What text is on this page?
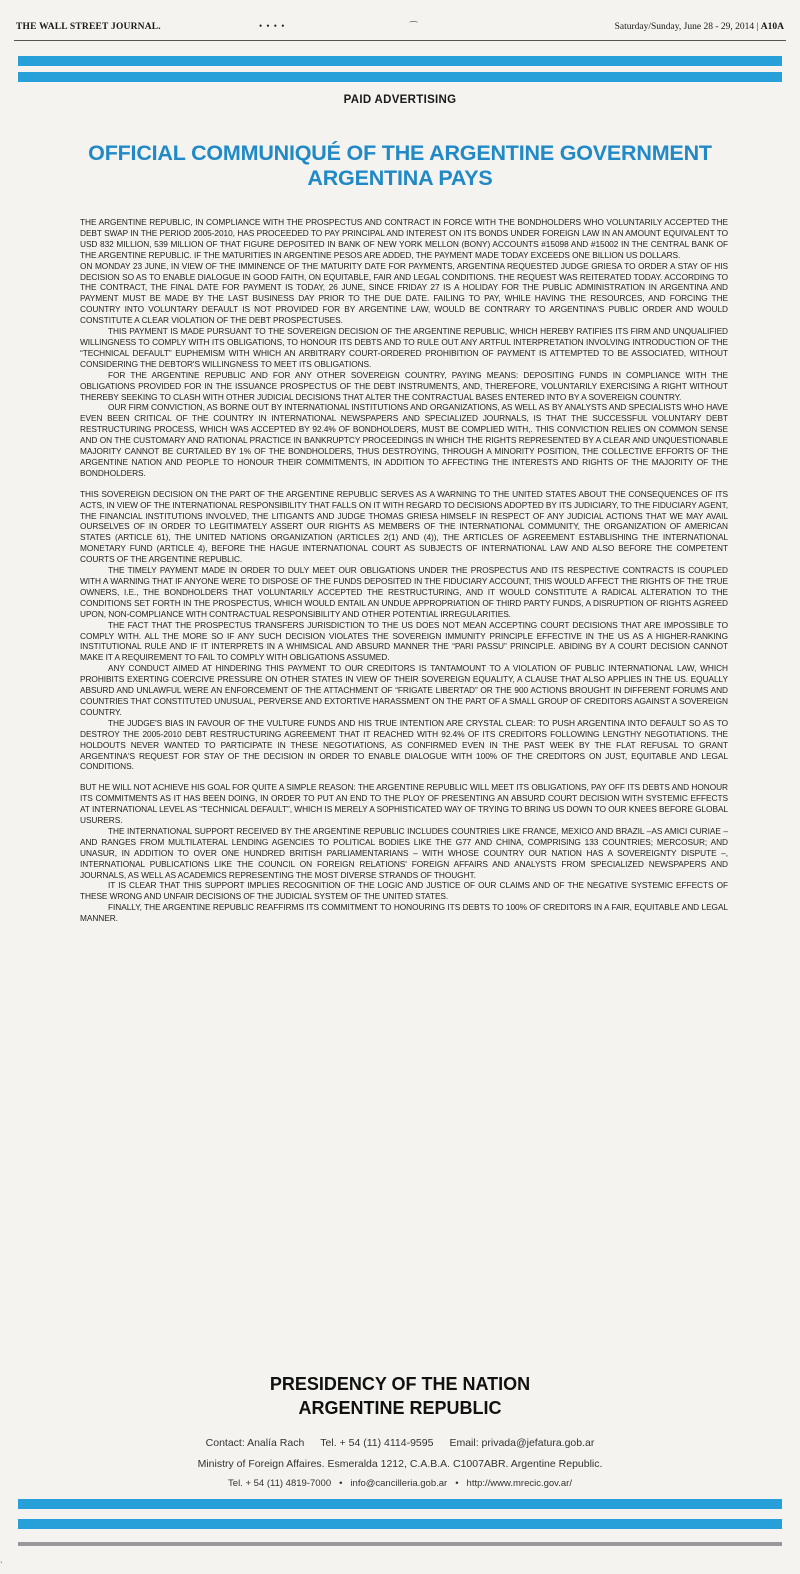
THE WALL STREET JOURNAL.	• • • •	⁀	Saturday/Sunday, June 28 - 29, 2014 | A10A
PAID ADVERTISING
OFFICIAL COMMUNIQUÉ OF THE ARGENTINE GOVERNMENT
ARGENTINA PAYS

THE ARGENTINE REPUBLIC, IN COMPLIANCE WITH THE PROSPECTUS AND CONTRACT IN FORCE WITH THE BONDHOLDERS WHO VOLUNTARILY ACCEPTED THE DEBT SWAP IN THE PERIOD 2005-2010, HAS PROCEEDED TO PAY PRINCIPAL AND INTEREST ON ITS BONDS UNDER FOREIGN LAW IN AN AMOUNT EQUIVALENT TO USD 832 MILLION, 539 MILLION OF THAT FIGURE DEPOSITED IN BANK OF NEW YORK MELLON (BONY) ACCOUNTS #15098 AND #15002 IN THE CENTRAL BANK OF THE ARGENTINE REPUBLIC. IF THE MATURITIES IN ARGENTINE PESOS ARE ADDED, THE PAYMENT MADE TODAY EXCEEDS ONE BILLION US DOLLARS.

ON MONDAY 23 JUNE, IN VIEW OF THE IMMINENCE OF THE MATURITY DATE FOR PAYMENTS, ARGENTINA REQUESTED JUDGE GRIESA TO ORDER A STAY OF HIS DECISION SO AS TO ENABLE DIALOGUE IN GOOD FAITH, ON EQUITABLE, FAIR AND LEGAL CONDITIONS. THE REQUEST WAS REITERATED TODAY. ACCORDING TO THE CONTRACT, THE FINAL DATE FOR PAYMENT IS TODAY, 26 JUNE, SINCE FRIDAY 27 IS A HOLIDAY FOR THE PUBLIC ADMINISTRATION IN ARGENTINA AND PAYMENT MUST BE MADE BY THE LAST BUSINESS DAY PRIOR TO THE DUE DATE. FAILING TO PAY, WHILE HAVING THE RESOURCES, AND FORCING THE COUNTRY INTO VOLUNTARY DEFAULT IS NOT PROVIDED FOR BY ARGENTINE LAW, WOULD BE CONTRARY TO ARGENTINA'S PUBLIC ORDER AND WOULD CONSTITUTE A CLEAR VIOLATION OF THE DEBT PROSPECTUSES.

THIS PAYMENT IS MADE PURSUANT TO THE SOVEREIGN DECISION OF THE ARGENTINE REPUBLIC, WHICH HEREBY RATIFIES ITS FIRM AND UNQUALIFIED WILLINGNESS TO COMPLY WITH ITS OBLIGATIONS, TO HONOUR ITS DEBTS AND TO RULE OUT ANY ARTFUL INTERPRETATION INVOLVING INTRODUCTION OF THE “TECHNICAL DEFAULT” EUPHEMISM WITH WHICH AN ARBITRARY COURT-ORDERED PROHIBITION OF PAYMENT IS ATTEMPTED TO BE ASSOCIATED, WITHOUT CONSIDERING THE DEBTOR'S WILLINGNESS TO MEET ITS OBLIGATIONS.

FOR THE ARGENTINE REPUBLIC AND FOR ANY OTHER SOVEREIGN COUNTRY, PAYING MEANS: DEPOSITING FUNDS IN COMPLIANCE WITH THE OBLIGATIONS PROVIDED FOR IN THE ISSUANCE PROSPECTUS OF THE DEBT INSTRUMENTS, AND, THEREFORE, VOLUNTARILY EXERCISING A RIGHT WITHOUT THEREBY SEEKING TO CLASH WITH OTHER JUDICIAL DECISIONS THAT ALTER THE CONTRACTUAL BASES ENTERED INTO BY A SOVEREIGN COUNTRY.

OUR FIRM CONVICTION, AS BORNE OUT BY INTERNATIONAL INSTITUTIONS AND ORGANIZATIONS, AS WELL AS BY ANALYSTS AND SPECIALISTS WHO HAVE EVEN BEEN CRITICAL OF THE COUNTRY IN INTERNATIONAL NEWSPAPERS AND SPECIALIZED JOURNALS, IS THAT THE SUCCESSFUL VOLUNTARY DEBT RESTRUCTURING PROCESS, WHICH WAS ACCEPTED BY 92.4% OF BONDHOLDERS, MUST BE COMPLIED WITH,. THIS CONVICTION RELIES ON COMMON SENSE AND ON THE CUSTOMARY AND RATIONAL PRACTICE IN BANKRUPTCY PROCEEDINGS IN WHICH THE RIGHTS REPRESENTED BY A CLEAR AND UNQUESTIONABLE MAJORITY CANNOT BE CURTAILED BY 1% OF THE BONDHOLDERS, THUS DESTROYING, THROUGH A MINORITY POSITION, THE COLLECTIVE EFFORTS OF THE ARGENTINE NATION AND PEOPLE TO HONOUR THEIR COMMITMENTS, IN ADDITION TO AFFECTING THE INTERESTS AND RIGHTS OF THE MAJORITY OF THE BONDHOLDERS.

THIS SOVEREIGN DECISION ON THE PART OF THE ARGENTINE REPUBLIC SERVES AS A WARNING TO THE UNITED STATES ABOUT THE CONSEQUENCES OF ITS ACTS, IN VIEW OF THE INTERNATIONAL RESPONSIBILITY THAT FALLS ON IT WITH REGARD TO DECISIONS ADOPTED BY ITS JUDICIARY, TO THE FIDUCIARY AGENT, THE FINANCIAL INSTITUTIONS INVOLVED, THE LITIGANTS AND JUDGE THOMAS GRIESA HIMSELF IN RESPECT OF ANY JUDICIAL ACTIONS THAT WE MAY AVAIL OURSELVES OF IN ORDER TO LEGITIMATELY ASSERT OUR RIGHTS AS MEMBERS OF THE INTERNATIONAL COMMUNITY, THE ORGANIZATION OF AMERICAN STATES (ARTICLE 61), THE UNITED NATIONS ORGANIZATION (ARTICLES 2(1) AND (4)), THE ARTICLES OF AGREEMENT ESTABLISHING THE INTERNATIONAL MONETARY FUND (ARTICLE 4), BEFORE THE HAGUE INTERNATIONAL COURT AS SUBJECTS OF INTERNATIONAL LAW AND ALSO BEFORE THE COMPETENT COURTS OF THE ARGENTINE REPUBLIC.

THE TIMELY PAYMENT MADE IN ORDER TO DULY MEET OUR OBLIGATIONS UNDER THE PROSPECTUS AND ITS RESPECTIVE CONTRACTS IS COUPLED WITH A WARNING THAT IF ANYONE WERE TO DISPOSE OF THE FUNDS DEPOSITED IN THE FIDUCIARY ACCOUNT, THIS WOULD AFFECT THE RIGHTS OF THE TRUE OWNERS, I.E., THE BONDHOLDERS THAT VOLUNTARILY ACCEPTED THE RESTRUCTURING, AND IT WOULD CONSTITUTE A RADICAL ALTERATION TO THE CONDITIONS SET FORTH IN THE PROSPECTUS, WHICH WOULD ENTAIL AN UNDUE APPROPRIATION OF THIRD PARTY FUNDS, A DISRUPTION OF RIGHTS AGREED UPON, NON-COMPLIANCE WITH CONTRACTUAL RESPONSIBILITY AND OTHER POTENTIAL IRREGULARITIES.

THE FACT THAT THE PROSPECTUS TRANSFERS JURISDICTION TO THE US DOES NOT MEAN ACCEPTING COURT DECISIONS THAT ARE IMPOSSIBLE TO COMPLY WITH. ALL THE MORE SO IF ANY SUCH DECISION VIOLATES THE SOVEREIGN IMMUNITY PRINCIPLE EFFECTIVE IN THE US AS A HIGHER-RANKING INSTITUTIONAL RULE AND IF IT INTERPRETS IN A WHIMSICAL AND ABSURD MANNER THE “PARI PASSU” PRINCIPLE. ABIDING BY A COURT DECISION CANNOT MAKE IT A REQUIREMENT TO FAIL TO COMPLY WITH OBLIGATIONS ASSUMED.

ANY CONDUCT AIMED AT HINDERING THIS PAYMENT TO OUR CREDITORS IS TANTAMOUNT TO A VIOLATION OF PUBLIC INTERNATIONAL LAW, WHICH PROHIBITS EXERTING COERCIVE PRESSURE ON OTHER STATES IN VIEW OF THEIR SOVEREIGN EQUALITY, A CLAUSE THAT ALSO APPLIES IN THE US. EQUALLY ABSURD AND UNLAWFUL WERE AN ENFORCEMENT OF THE ATTACHMENT OF “FRIGATE LIBERTAD” OR THE 900 ACTIONS BROUGHT IN DIFFERENT FORUMS AND COUNTRIES THAT CONSTITUTED UNUSUAL, PERVERSE AND EXTORTIVE HARASSMENT ON THE PART OF A SMALL GROUP OF CREDITORS AGAINST A SOVEREIGN COUNTRY.

THE JUDGE'S BIAS IN FAVOUR OF THE VULTURE FUNDS AND HIS TRUE INTENTION ARE CRYSTAL CLEAR: TO PUSH ARGENTINA INTO DEFAULT SO AS TO DESTROY THE 2005-2010 DEBT RESTRUCTURING AGREEMENT THAT IT REACHED WITH 92.4% OF ITS CREDITORS FOLLOWING LENGTHY NEGOTIATIONS. THE HOLDOUTS NEVER WANTED TO PARTICIPATE IN THESE NEGOTIATIONS, AS CONFIRMED EVEN IN THE PAST WEEK BY THE FLAT REFUSAL TO GRANT ARGENTINA'S REQUEST FOR STAY OF THE DECISION IN ORDER TO ENABLE DIALOGUE WITH 100% OF THE CREDITORS ON JUST, EQUITABLE AND LEGAL CONDITIONS.

BUT HE WILL NOT ACHIEVE HIS GOAL FOR QUITE A SIMPLE REASON: THE ARGENTINE REPUBLIC WILL MEET ITS OBLIGATIONS, PAY OFF ITS DEBTS AND HONOUR ITS COMMITMENTS AS IT HAS BEEN DOING, IN ORDER TO PUT AN END TO THE PLOY OF PRESENTING AN ABSURD COURT DECISION WITH SYSTEMIC EFFECTS AT INTERNATIONAL LEVEL AS “TECHNICAL DEFAULT”, WHICH IS MERELY A SOPHISTICATED WAY OF TRYING TO BRING US DOWN TO OUR KNEES BEFORE GLOBAL USURERS.

THE INTERNATIONAL SUPPORT RECEIVED BY THE ARGENTINE REPUBLIC INCLUDES COUNTRIES LIKE FRANCE, MEXICO AND BRAZIL –AS AMICI CURIAE – AND RANGES FROM MULTILATERAL LENDING AGENCIES TO POLITICAL BODIES LIKE THE G77 AND CHINA, COMPRISING 133 COUNTRIES; MERCOSUR; AND UNASUR, IN ADDITION TO OVER ONE HUNDRED BRITISH PARLIAMENTARIANS – WITH WHOSE COUNTRY OUR NATION HAS A SOVEREIGNTY DISPUTE –, INTERNATIONAL PUBLICATIONS LIKE THE COUNCIL ON FOREIGN RELATIONS' FOREIGN AFFAIRS AND ANALYSTS FROM SPECIALIZED NEWSPAPERS AND JOURNALS, AS WELL AS ACADEMICS REPRESENTING THE MOST DIVERSE STRANDS OF THOUGHT.

IT IS CLEAR THAT THIS SUPPORT IMPLIES RECOGNITION OF THE LOGIC AND JUSTICE OF OUR CLAIMS AND OF THE NEGATIVE SYSTEMIC EFFECTS OF THESE WRONG AND UNFAIR DECISIONS OF THE JUDICIAL SYSTEM OF THE UNITED STATES.

FINALLY, THE ARGENTINE REPUBLIC REAFFIRMS ITS COMMITMENT TO HONOURING ITS DEBTS TO 100% OF CREDITORS IN A FAIR, EQUITABLE AND LEGAL MANNER.

PRESIDENCY OF THE NATION
ARGENTINE REPUBLIC
Contact: Analía Rach Tel. + 54 (11) 4114-9595 Email: privada@jefatura.gob.ar
Ministry of Foreign Affaires. Esmeralda 1212, C.A.B.A. C1007ABR. Argentine Republic.
Tel. + 54 (11) 4819-7000 • info@cancilleria.gob.ar • http://www.mrecic.gov.ar/
ˎ
